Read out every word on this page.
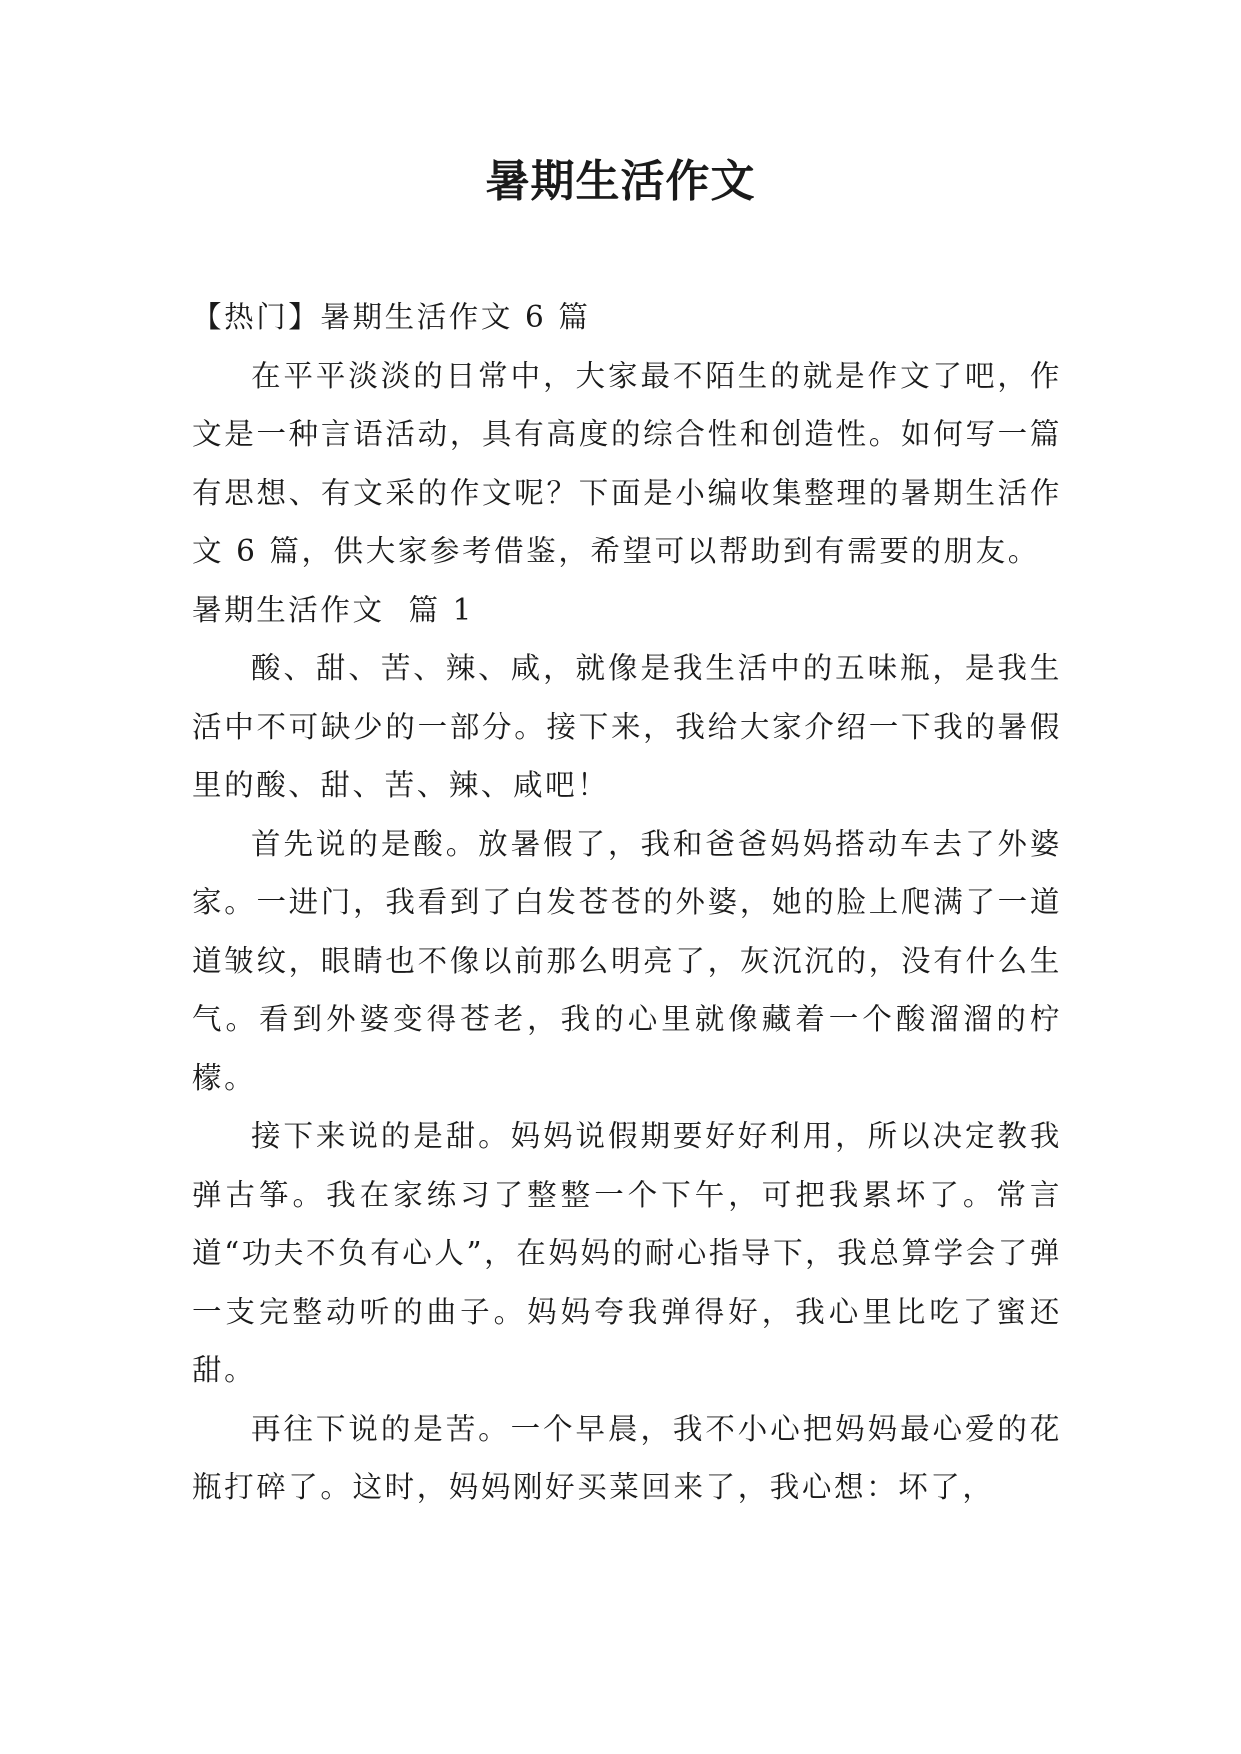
暑期生活作文

【热门】暑期生活作文 6 篇

在平平淡淡的日常中，大家最不陌生的就是作文了吧，作文是一种言语活动，具有高度的综合性和创造性。如何写一篇有思想、有文采的作文呢？下面是小编收集整理的暑期生活作文 6 篇，供大家参考借鉴，希望可以帮助到有需要的朋友。

暑期生活作文  篇 1

酸、甜、苦、辣、咸，就像是我生活中的五味瓶，是我生活中不可缺少的一部分。接下来，我给大家介绍一下我的暑假里的酸、甜、苦、辣、咸吧！

首先说的是酸。放暑假了，我和爸爸妈妈搭动车去了外婆家。一进门，我看到了白发苍苍的外婆，她的脸上爬满了一道道皱纹，眼睛也不像以前那么明亮了，灰沉沉的，没有什么生气。看到外婆变得苍老，我的心里就像藏着一个酸溜溜的柠檬。

接下来说的是甜。妈妈说假期要好好利用，所以决定教我弹古筝。我在家练习了整整一个下午，可把我累坏了。常言道“功夫不负有心人”，在妈妈的耐心指导下，我总算学会了弹一支完整动听的曲子。妈妈夸我弹得好，我心里比吃了蜜还甜。

再往下说的是苦。一个早晨，我不小心把妈妈最心爱的花瓶打碎了。这时，妈妈刚好买菜回来了，我心想：坏了，
